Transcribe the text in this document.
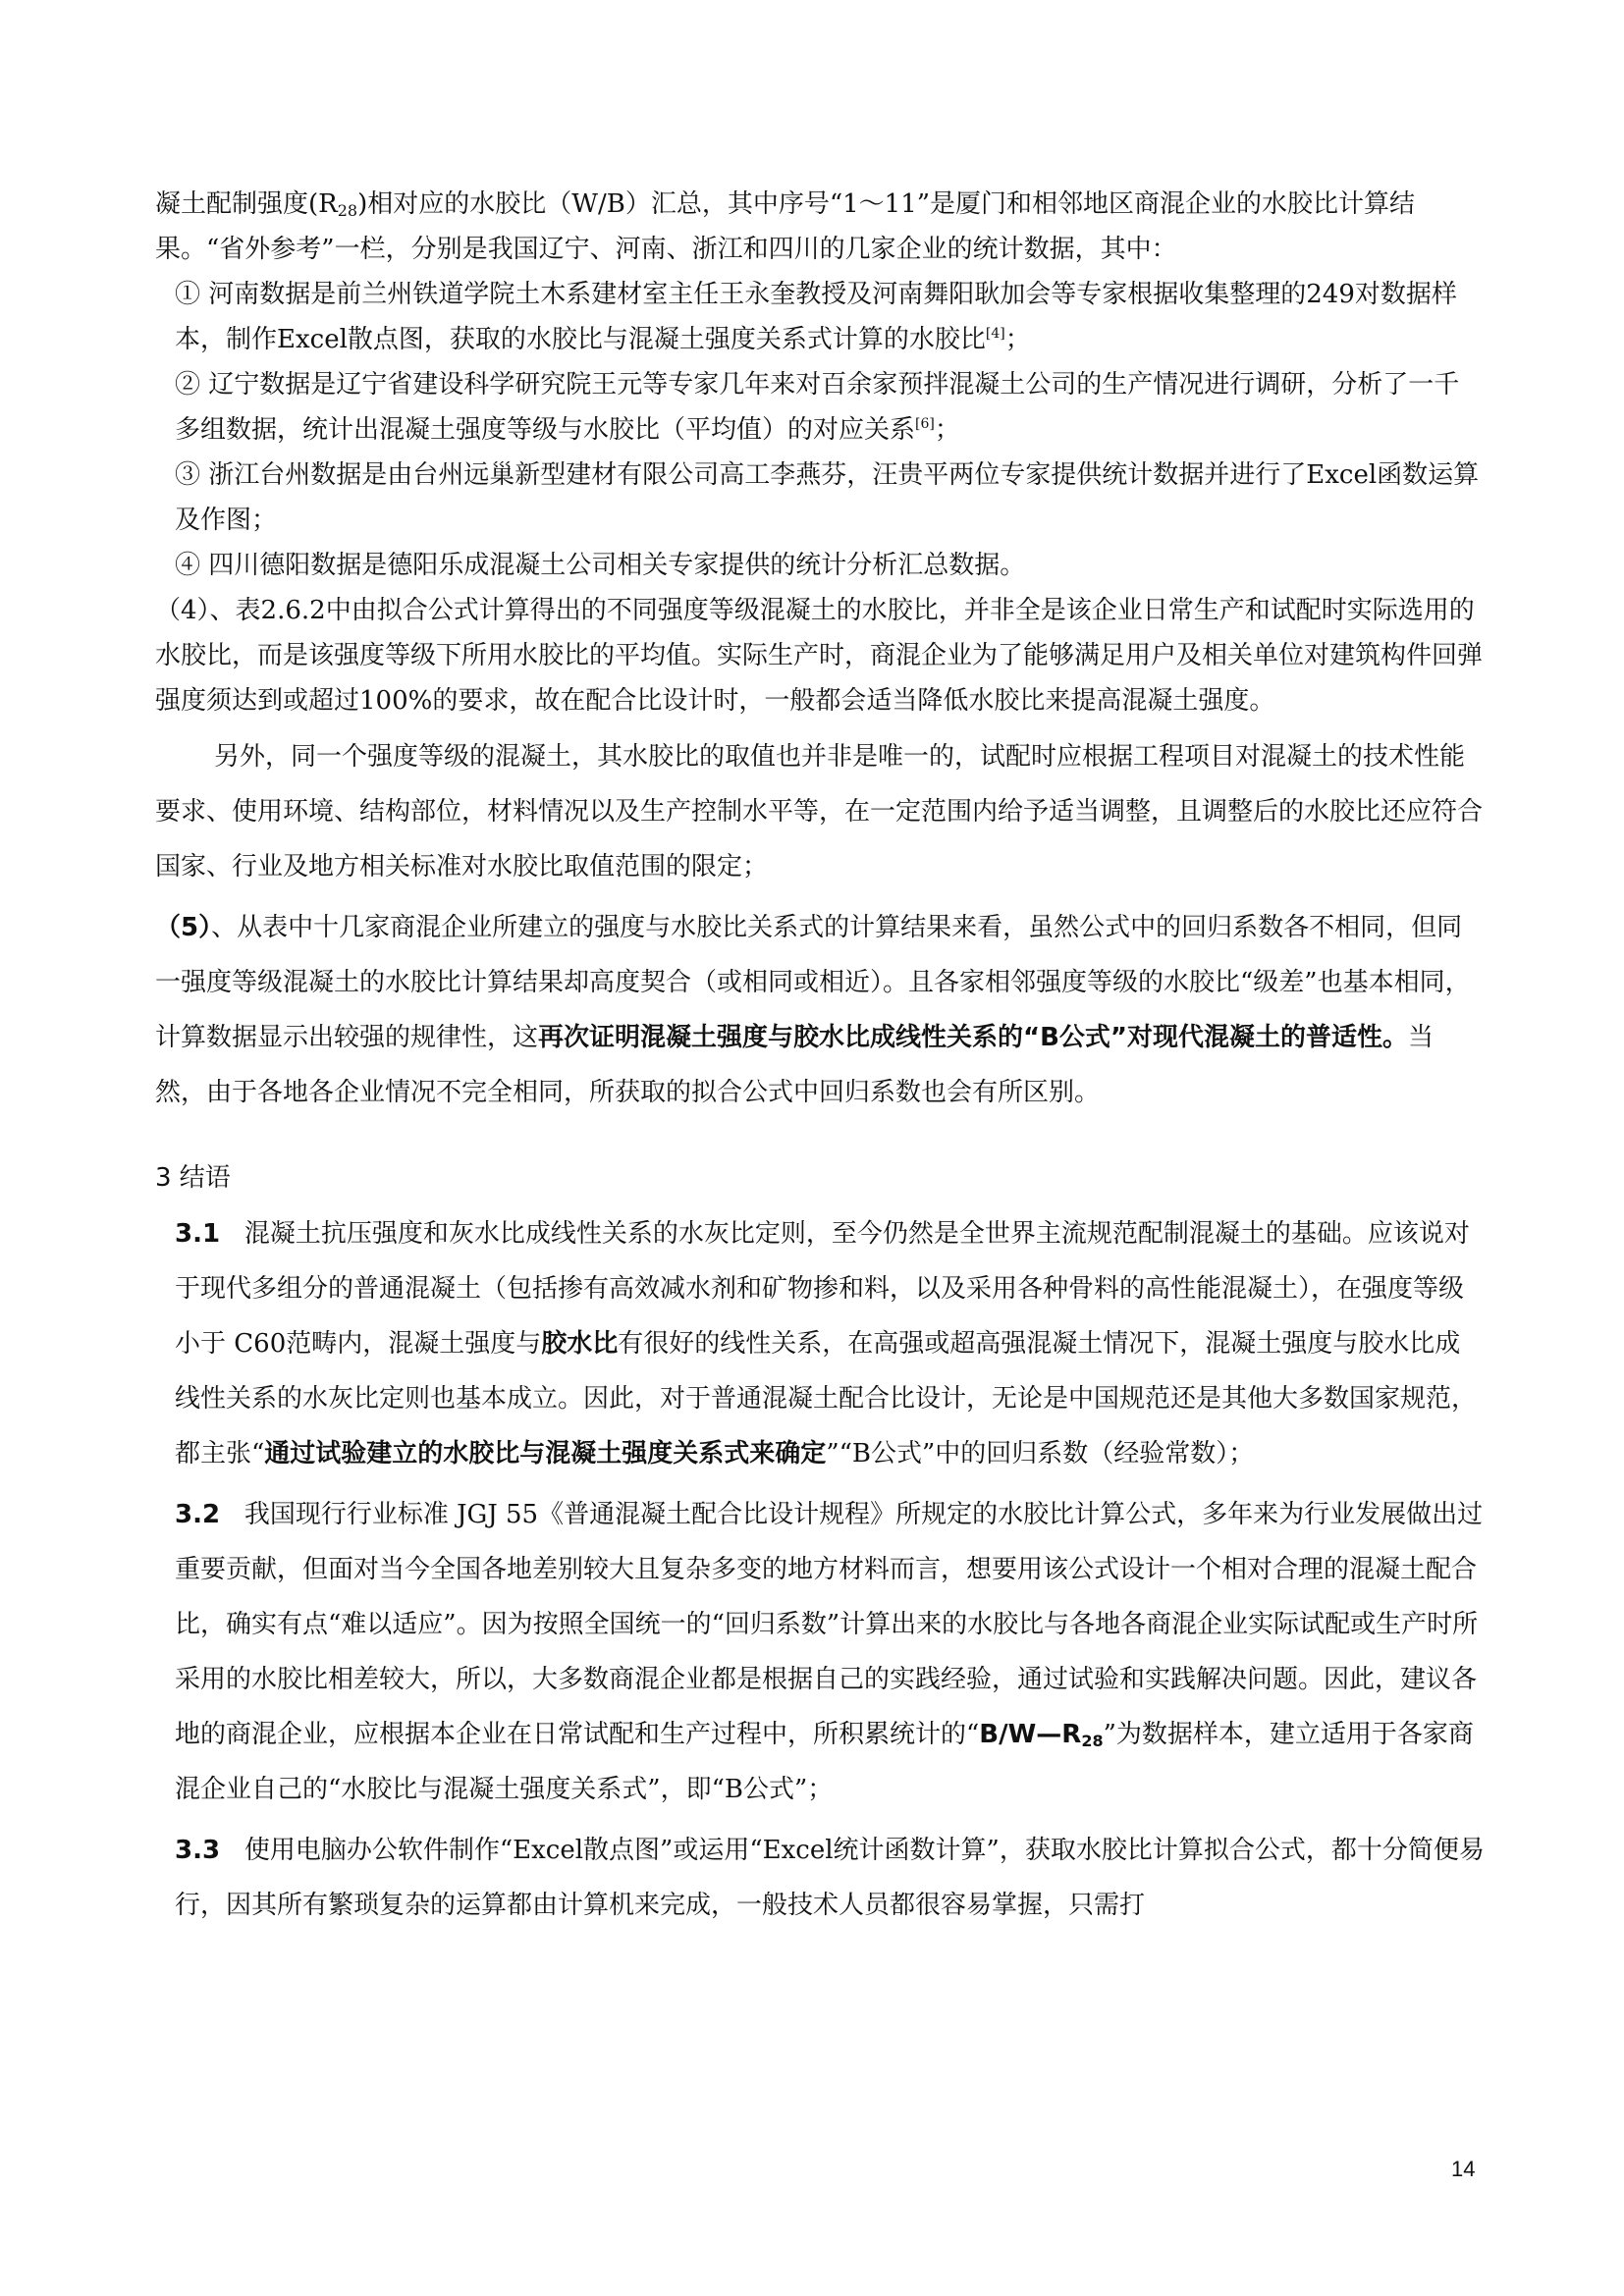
凝土配制强度$(R_{28})$相对应的水胶比（W/B）汇总，其中序号“1～11”是厦门和相邻地区商混企业的水胶比计算结果。“省外参考”一栏，分别是我国辽宁、河南、浙江和四川的几家企业的统计数据，其中：

① 河南数据是前兰州铁道学院土木系建材室主任王永奎教授及河南舞阳耿加会等专家根据收集整理的249对数据样本，制作Excel散点图，获取的水胶比与混凝土强度关系式计算的水胶比[4]；

② 辽宁数据是辽宁省建设科学研究院王元等专家几年来对百余家预拌混凝土公司的生产情况进行调研，分析了一千多组数据，统计出混凝土强度等级与水胶比（平均值）的对应关系[6]；

③ 浙江台州数据是由台州远巢新型建材有限公司高工李燕芬，汪贵平两位专家提供统计数据并进行了Excel函数运算及作图；

④ 四川德阳数据是德阳乐成混凝土公司相关专家提供的统计分析汇总数据。

（4）、表2.6.2中由拟合公式计算得出的不同强度等级混凝土的水胶比，并非全是该企业日常生产和试配时实际选用的水胶比，而是该强度等级下所用水胶比的平均值。实际生产时，商混企业为了能够满足用户及相关单位对建筑构件回弹强度须达到或超过100%的要求，故在配合比设计时，一般都会适当降低水胶比来提高混凝土强度。

另外，同一个强度等级的混凝土，其水胶比的取值也并非是唯一的，试配时应根据工程项目对混凝土的技术性能要求、使用环境、结构部位，材料情况以及生产控制水平等，在一定范围内给予适当调整，且调整后的水胶比还应符合国家、行业及地方相关标准对水胶比取值范围的限定；

（5）、从表中十几家商混企业所建立的强度与水胶比关系式的计算结果来看，虽然公式中的回归系数各不相同，但同一强度等级混凝土的水胶比计算结果却高度契合（或相同或相近）。且各家相邻强度等级的水胶比“级差”也基本相同，计算数据显示出较强的规律性，这再次证明混凝土强度与胶水比成线性关系的“B公式”对现代混凝土的普适性。当然，由于各地各企业情况不完全相同，所获取的拟合公式中回归系数也会有所区别。

3 结语

3.1 混凝土抗压强度和灰水比成线性关系的水灰比定则，至今仍然是全世界主流规范配制混凝土的基础。应该说对于现代多组分的普通混凝土（包括掺有高效减水剂和矿物掺和料，以及采用各种骨料的高性能混凝土），在强度等级小于 C60范畴内，混凝土强度与胶水比有很好的线性关系，在高强或超高强混凝土情况下，混凝土强度与胶水比成线性关系的水灰比定则也基本成立。因此，对于普通混凝土配合比设计，无论是中国规范还是其他大多数国家规范，都主张“通过试验建立的水胶比与混凝土强度关系式来确定”“B公式”中的回归系数（经验常数）；

3.2 我国现行行业标准 JGJ 55《普通混凝土配合比设计规程》所规定的水胶比计算公式，多年来为行业发展做出过重要贡献，但面对当今全国各地差别较大且复杂多变的地方材料而言，想要用该公式设计一个相对合理的混凝土配合比，确实有点“难以适应”。因为按照全国统一的“回归系数”计算出来的水胶比与各地各商混企业实际试配或生产时所采用的水胶比相差较大，所以，大多数商混企业都是根据自己的实践经验，通过试验和实践解决问题。因此，建议各地的商混企业，应根据本企业在日常试配和生产过程中，所积累统计的“$B/W—R_{28}$”为数据样本，建立适用于各家商混企业自己的“水胶比与混凝土强度关系式”，即“B公式”；

3.3 使用电脑办公软件制作“Excel散点图”或运用“Excel统计函数计算”，获取水胶比计算拟合公式，都十分简便易行，因其所有繁琐复杂的运算都由计算机来完成，一般技术人员都很容易掌握，只需打

14
